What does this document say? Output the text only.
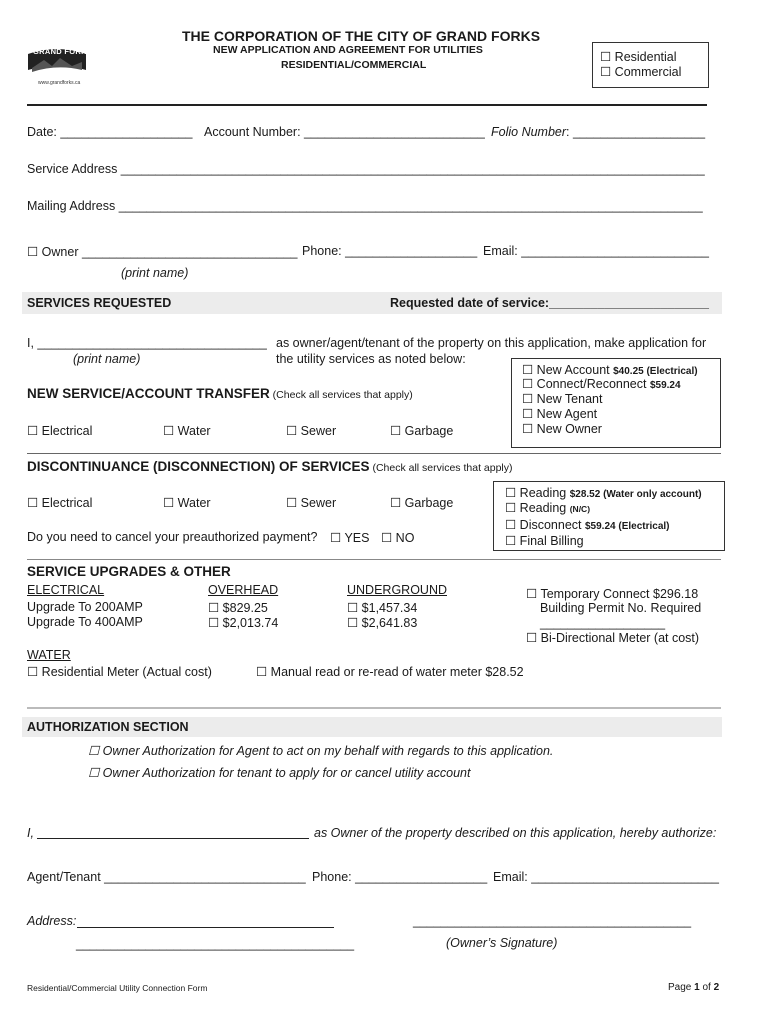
GRAND FORKS
www.grandforks.ca
THE CORPORATION OF THE CITY OF GRAND FORKS
NEW APPLICATION AND AGREEMENT FOR UTILITIES
RESIDENTIAL/COMMERCIAL
☐ Residential
☐ Commercial
Date: ___________________ Account Number: __________________________ Folio Number: ___________________
Service Address ____________________________________________________________________________________
Mailing Address ____________________________________________________________________________________
☐ Owner _______________________________ Phone: ___________________ Email: ___________________________
(print name)
SERVICES REQUESTED	Requested date of service:_______________________
I, _________________________________ as owner/agent/tenant of the property on this application, make application for
the utility services as noted below:
(print name)
☐ New Account $40.25 (Electrical)
☐ Connect/Reconnect $59.24
☐ New Tenant
☐ New Agent
☐ New Owner
NEW SERVICE/ACCOUNT TRANSFER (Check all services that apply)
☐ Electrical	☐ Water	☐ Sewer	☐ Garbage
DISCONTINUANCE (DISCONNECTION) OF SERVICES (Check all services that apply)
☐ Reading $28.52 (Water only account)
☐ Reading (N/C)
☐ Disconnect $59.24 (Electrical)
☐ Final Billing
☐ Electrical	☐ Water	☐ Sewer	☐ Garbage
Do you need to cancel your preauthorized payment? ☐ YES ☐ NO
SERVICE UPGRADES & OTHER
ELECTRICAL	OVERHEAD	UNDERGROUND
Upgrade To 200AMP	☐ $829.25	☐ $1,457.34
Upgrade To 400AMP	☐ $2,013.74	☐ $2,641.83
☐ Temporary Connect $296.18
Building Permit No. Required
__________________
☐ Bi-Directional Meter (at cost)
WATER
☐ Residential Meter (Actual cost)	☐ Manual read or re-read of water meter $28.52
AUTHORIZATION SECTION
☐ Owner Authorization for Agent to act on my behalf with regards to this application.
☐ Owner Authorization for tenant to apply for or cancel utility account
I,	as Owner of the property described on this application, hereby authorize:
Agent/Tenant _____________________________ Phone: ___________________ Email: ___________________________
Address:
________________________________________
________________________________________
(Owner’s Signature)
Residential/Commercial Utility Connection Form	Page 1 of 2
